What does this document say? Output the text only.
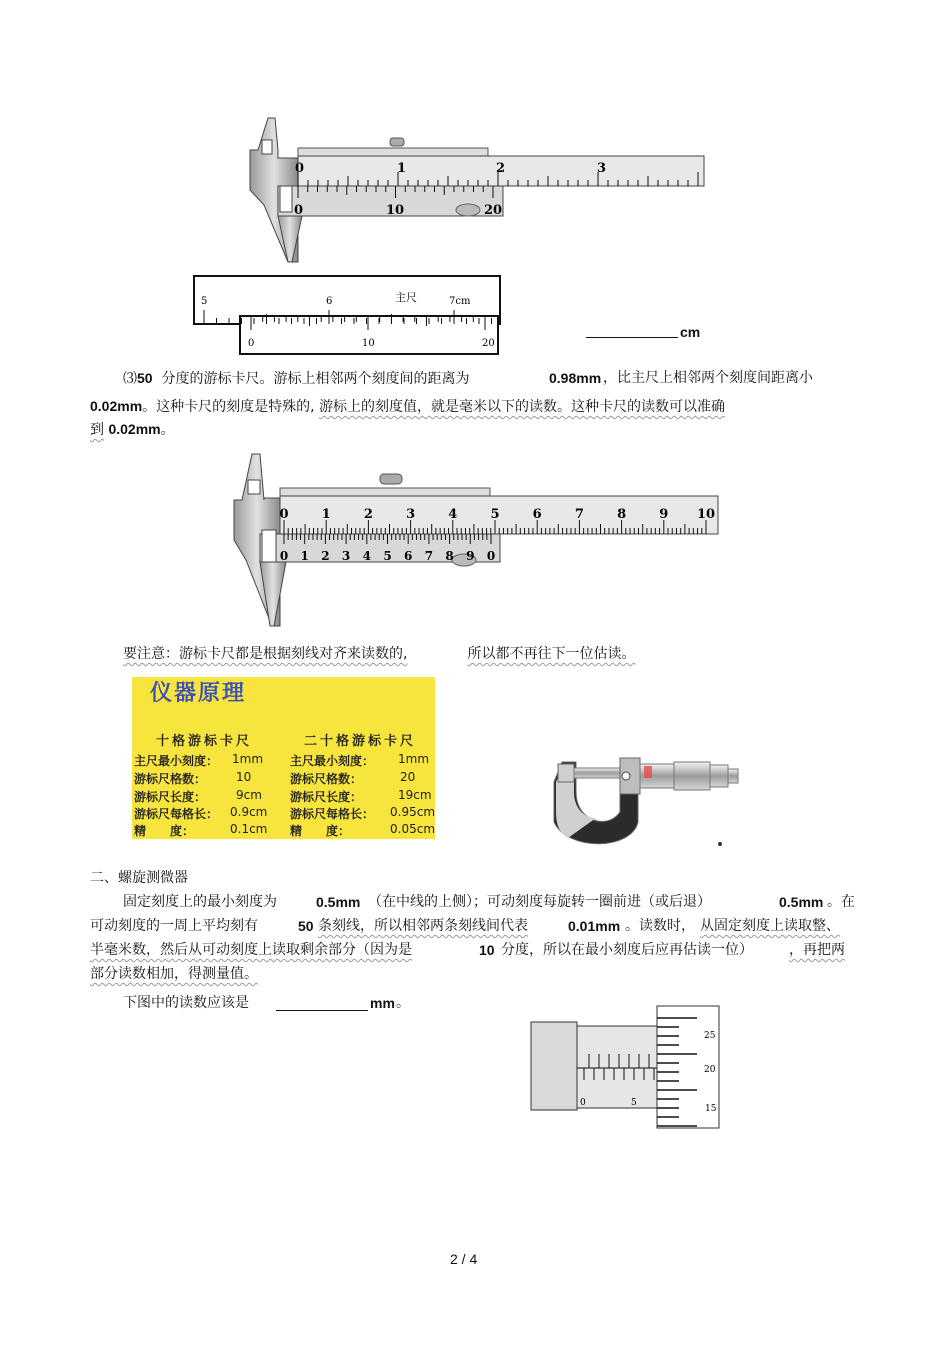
0	1	2	3
0	10	20
5	6	7cm
主尺
0	10	20
cm
⑶50 分度的游标卡尺。游标上相邻两个刻度间的距离为	0.98mm ，比主尺上相邻两个刻度间距离小
0.02mm。这种卡尺的刻度是特殊的, 游标上的刻度值，就是毫米以下的读数。这种卡尺的读数可以准确
到 0.02mm。
0	1	2	3	4	5	6	7	8	9 10
0 1 2 3 4 5 6 7 8 9 0
要注意：游标卡尺都是根据刻线对齐来读数的,	所以都不再往下一位估读。
仪器原理
十格游标卡尺	二十格游标卡尺
主尺最小刻度： 1mm 主尺最小刻度： 1mm
游标尺格数： 10	游标尺格数：	20
游标尺长度： 9cm 游标尺长度：	19cm
游标尺每格长： 0.9cm 游标尺每格长： 0.95cm
精　　度：	0.1cm 精　　度：	0.05cm
二、螺旋测微器
固定刻度上的最小刻度为	0.5mm （在中线的上侧）；可动刻度每旋转一圈前进（或后退）	0.5mm 。在
可动刻度的一周上平均刻有	50 条刻线，所以相邻两条刻线间代表	0.01mm 。读数时， 从固定刻度上读取整、
半毫米数，然后从可动刻度上读取剩余部分（因为是	10 分度，所以在最小刻度后应再估读一位）	，再把两
部分读数相加，得测量值。
下图中的读数应该是	mm 。
0	5
25
20
15
2 / 4
